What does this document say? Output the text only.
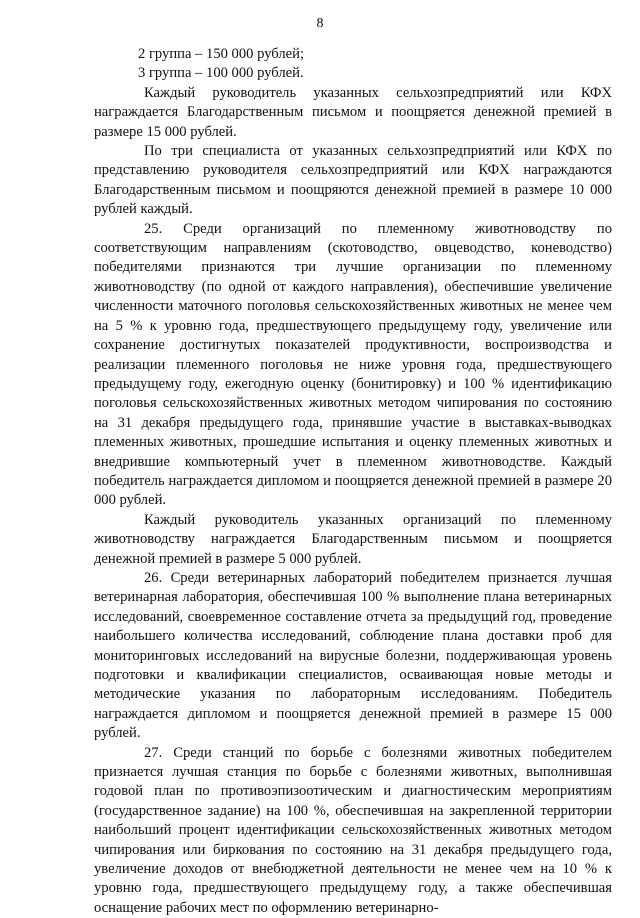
8

2 группа – 150 000 рублей;

3 группа – 100 000 рублей.

Каждый руководитель указанных сельхозпредприятий или КФХ награждается Благодарственным письмом и поощряется денежной премией в размере 15 000 рублей.

По три специалиста от указанных сельхозпредприятий или КФХ по представлению руководителя сельхозпредприятий или КФХ награждаются Благодарственным письмом и поощряются денежной премией в размере 10 000 рублей каждый.

25. Среди организаций по племенному животноводству по соответствующим направлениям (скотоводство, овцеводство, коневодство) победителями признаются три лучшие организации по племенному животноводству (по одной от каждого направления), обеспечившие увеличение численности маточного поголовья сельскохозяйственных животных не менее чем на 5 % к уровню года, предшествующего предыдущему году, увеличение или сохранение достигнутых показателей продуктивности, воспроизводства и реализации племенного поголовья не ниже уровня года, предшествующего предыдущему году, ежегодную оценку (бонитировку) и 100 % идентификацию поголовья сельскохозяйственных животных методом чипирования по состоянию на 31 декабря предыдущего года, принявшие участие в выставках-выводках племенных животных, прошедшие испытания и оценку племенных животных и внедрившие компьютерный учет в племенном животноводстве. Каждый победитель награждается дипломом и поощряется денежной премией в размере 20 000 рублей.

Каждый руководитель указанных организаций по племенному животноводству награждается Благодарственным письмом и поощряется денежной премией в размере 5 000 рублей.

26. Среди ветеринарных лабораторий победителем признается лучшая ветеринарная лаборатория, обеспечившая 100 % выполнение плана ветеринарных исследований, своевременное составление отчета за предыдущий год, проведение наибольшего количества исследований, соблюдение плана доставки проб для мониторинговых исследований на вирусные болезни, поддерживающая уровень подготовки и квалификации специалистов, осваивающая новые методы и методические указания по лабораторным исследованиям. Победитель награждается дипломом и поощряется денежной премией в размере 15 000 рублей.

27. Среди станций по борьбе с болезнями животных победителем признается лучшая станция по борьбе с болезнями животных, выполнившая годовой план по противоэпизоотическим и диагностическим мероприятиям (государственное задание) на 100 %, обеспечившая на закрепленной территории наибольший процент идентификации сельскохозяйственных животных методом чипирования или биркования по состоянию на 31 декабря предыдущего года, увеличение доходов от внебюджетной деятельности не менее чем на 10 % к уровню года, предшествующего предыдущему году, а также обеспечившая оснащение рабочих мест по оформлению ветеринарно-
